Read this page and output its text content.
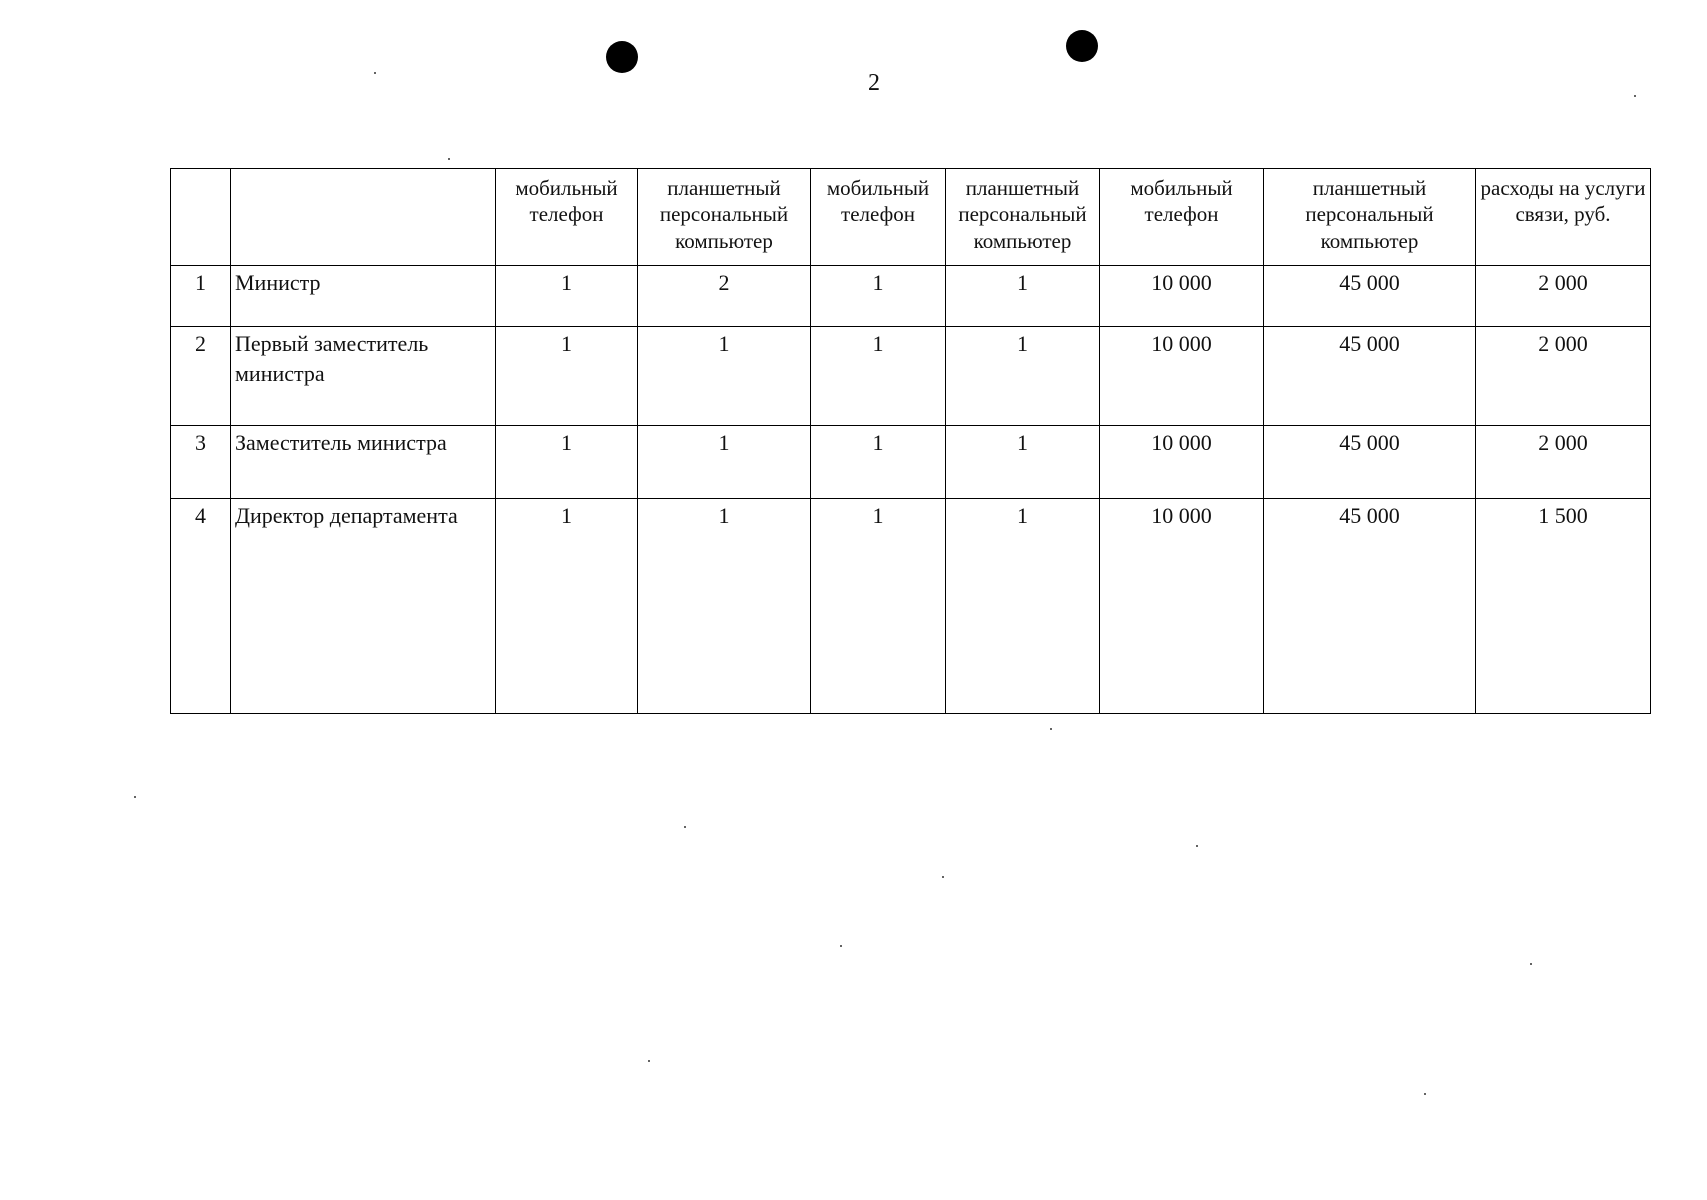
2
		мобильный телефон	планшетный персональный компьютер	мобильный телефон	планшетный персональный компьютер	мобильный телефон	планшетный персональный компьютер	расходы на услуги связи, руб.
1	Министр	1	2	1	1	10 000	45 000	2 000
2	Первый заместитель министра	1	1	1	1	10 000	45 000	2 000
3	Заместитель министра	1	1	1	1	10 000	45 000	2 000
4	Директор департамента	1	1	1	1	10 000	45 000	1 500
